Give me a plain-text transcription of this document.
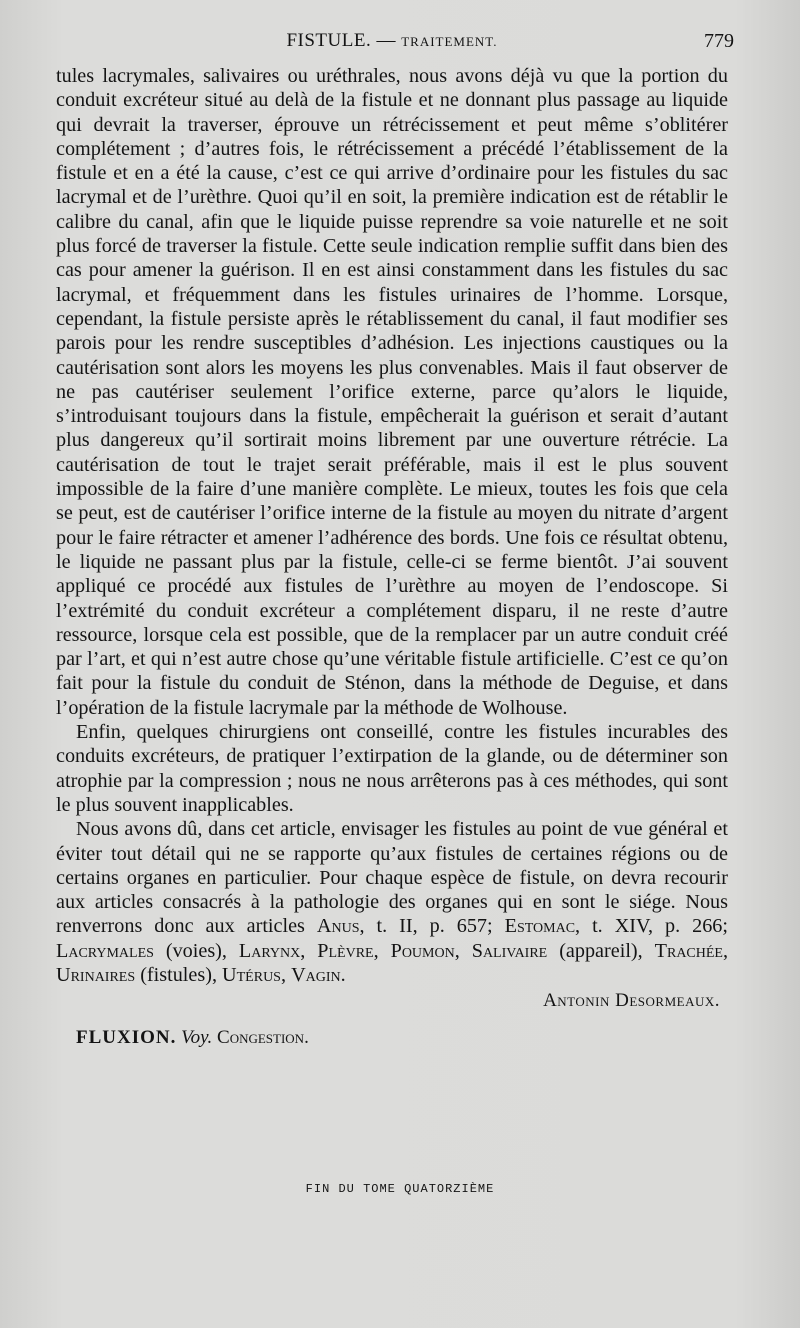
FISTULE. — TRAITEMENT.	779

tules lacrymales, salivaires ou uréthrales, nous avons déjà vu que la portion du conduit excréteur situé au delà de la fistule et ne donnant plus passage au liquide qui devrait la traverser, éprouve un rétrécissement et peut même s’oblitérer complétement ; d’autres fois, le rétrécissement a précédé l’établissement de la fistule et en a été la cause, c’est ce qui arrive d’ordinaire pour les fistules du sac lacrymal et de l’urèthre. Quoi qu’il en soit, la première indication est de rétablir le calibre du canal, afin que le liquide puisse reprendre sa voie naturelle et ne soit plus forcé de traverser la fistule. Cette seule indication remplie suffit dans bien des cas pour amener la guérison. Il en est ainsi constamment dans les fistules du sac lacrymal, et fréquemment dans les fistules urinaires de l’homme. Lorsque, cependant, la fistule persiste après le rétablissement du canal, il faut modifier ses parois pour les rendre susceptibles d’adhésion. Les injections caustiques ou la cautérisation sont alors les moyens les plus convenables. Mais il faut observer de ne pas cautériser seulement l’orifice externe, parce qu’alors le liquide, s’introduisant toujours dans la fistule, empêcherait la guérison et serait d’autant plus dangereux qu’il sortirait moins librement par une ouverture rétrécie. La cautérisation de tout le trajet serait préférable, mais il est le plus souvent impossible de la faire d’une manière complète. Le mieux, toutes les fois que cela se peut, est de cautériser l’orifice interne de la fistule au moyen du nitrate d’argent pour le faire rétracter et amener l’adhérence des bords. Une fois ce résultat obtenu, le liquide ne passant plus par la fistule, celle-ci se ferme bientôt. J’ai souvent appliqué ce procédé aux fistules de l’urèthre au moyen de l’endoscope. Si l’extrémité du conduit excréteur a complétement disparu, il ne reste d’autre ressource, lorsque cela est possible, que de la remplacer par un autre conduit créé par l’art, et qui n’est autre chose qu’une véritable fistule artificielle. C’est ce qu’on fait pour la fistule du conduit de Sténon, dans la méthode de Deguise, et dans l’opération de la fistule lacrymale par la méthode de Wolhouse.

Enfin, quelques chirurgiens ont conseillé, contre les fistules incurables des conduits excréteurs, de pratiquer l’extirpation de la glande, ou de déterminer son atrophie par la compression ; nous ne nous arrêterons pas à ces méthodes, qui sont le plus souvent inapplicables.

Nous avons dû, dans cet article, envisager les fistules au point de vue général et éviter tout détail qui ne se rapporte qu’aux fistules de certaines régions ou de certains organes en particulier. Pour chaque espèce de fistule, on devra recourir aux articles consacrés à la pathologie des organes qui en sont le siége. Nous renverrons donc aux articles Anus, t. II, p. 657; Estomac, t. XIV, p. 266; Lacrymales (voies), Larynx, Plèvre, Poumon, Salivaire (appareil), Trachée, Urinaires (fistules), Utérus, Vagin.

Antonin Desormeaux.

FLUXION. Voy. Congestion.

FIN DU TOME QUATORZIÈME
